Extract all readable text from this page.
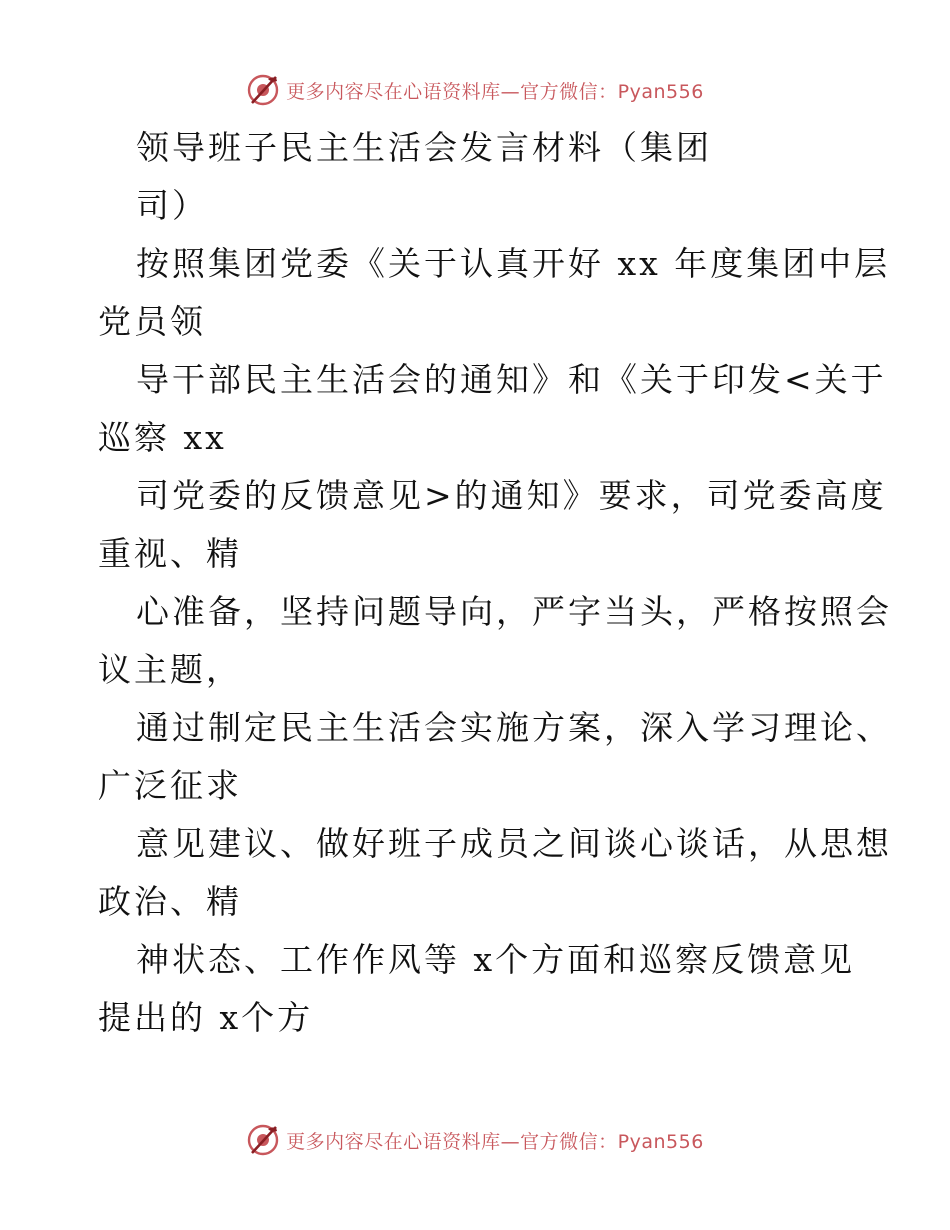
更多内容尽在心语资料库—官方微信：Pyan556
领导班子民主生活会发言材料（集团
司）
按照集团党委《关于认真开好 xx 年度集团中层
党员领
导干部民主生活会的通知》和《关于印发<关于
巡察 xx
司党委的反馈意见>的通知》要求，司党委高度
重视、精
心准备，坚持问题导向，严字当头，严格按照会
议主题，
通过制定民主生活会实施方案，深入学习理论、
广泛征求
意见建议、做好班子成员之间谈心谈话，从思想
政治、精
神状态、工作作风等 x个方面和巡察反馈意见
提出的 x个方
更多内容尽在心语资料库—官方微信：Pyan556
